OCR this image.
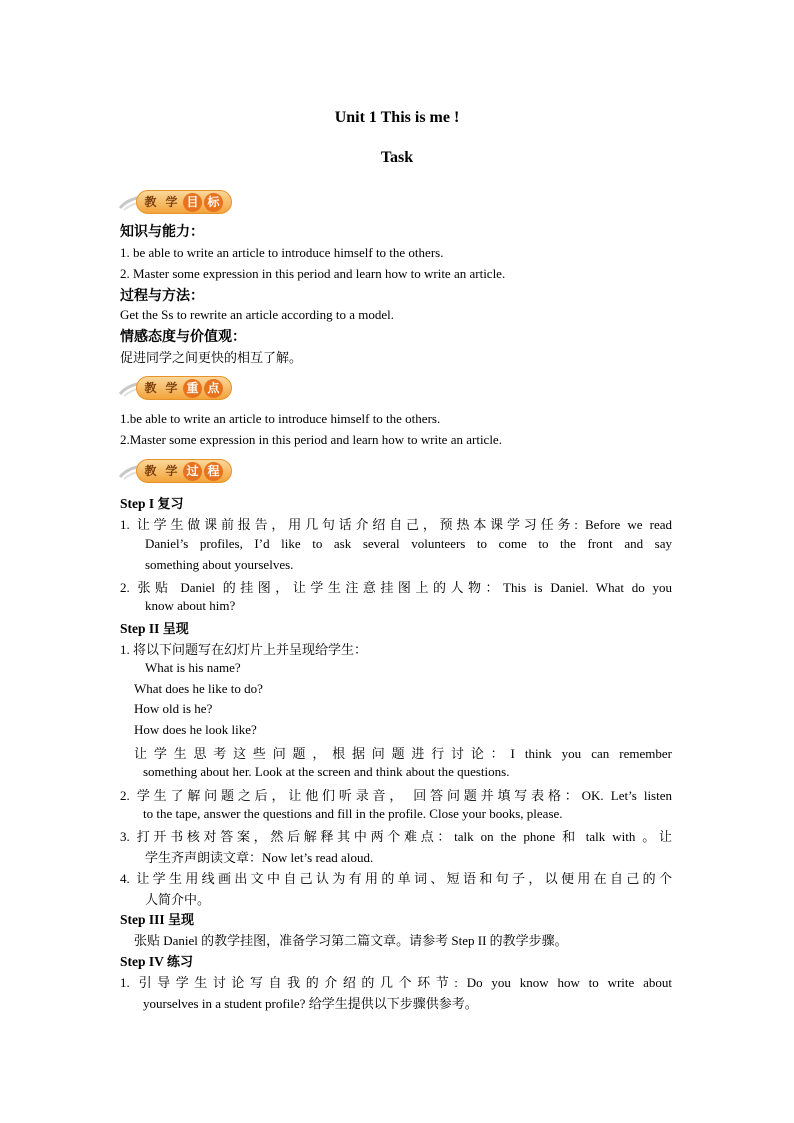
Unit 1 This is me !
Task
教 学 目 标
知识与能力：
1. be able to write an article to introduce himself to the others.
2. Master some expression in this period and learn how to write an article.
过程与方法：
Get the Ss to rewrite an article according to a model.
情感态度与价值观：
促进同学之间更快的相互了解。
教 学 重 点
1.be able to write an article to introduce himself to the others.
2.Master some expression in this period and learn how to write an article.
教 学 过 程
Step I 复习
1. 让学生做课前报告，用几句话介绍自己，预热本课学习任务: Before we read
Daniel’s profiles, I’d like to ask several volunteers to come to the front and say
something about yourselves.
2. 张贴 Daniel 的挂图，让学生注意挂图上的人物：This is Daniel. What do you
know about him?
Step II 呈现
1. 将以下问题写在幻灯片上并呈现给学生：
What is his name?
What does he like to do?
How old is he?
How does he look like?
让学生思考这些问题，根据问题进行讨论：I think you can remember
something about her. Look at the screen and think about the questions.
2. 学生了解问题之后，让他们听录音， 回答问题并填写表格：OK. Let’s listen
to the tape, answer the questions and fill in the profile. Close your books, please.
3. 打开书核对答案，然后解释其中两个难点：talk on the phone 和 talk with 。让
学生齐声朗读文章：Now let’s read aloud.
4. 让学生用线画出文中自己认为有用的单词、短语和句子，以便用在自己的个
人简介中。
Step III 呈现
张贴 Daniel 的教学挂图，准备学习第二篇文章。请参考 Step II 的教学步骤。
Step IV 练习
1. 引导学生讨论写自我的介绍的几个环节: Do you know how to write about
yourselves in a student profile? 给学生提供以下步骤供参考。
